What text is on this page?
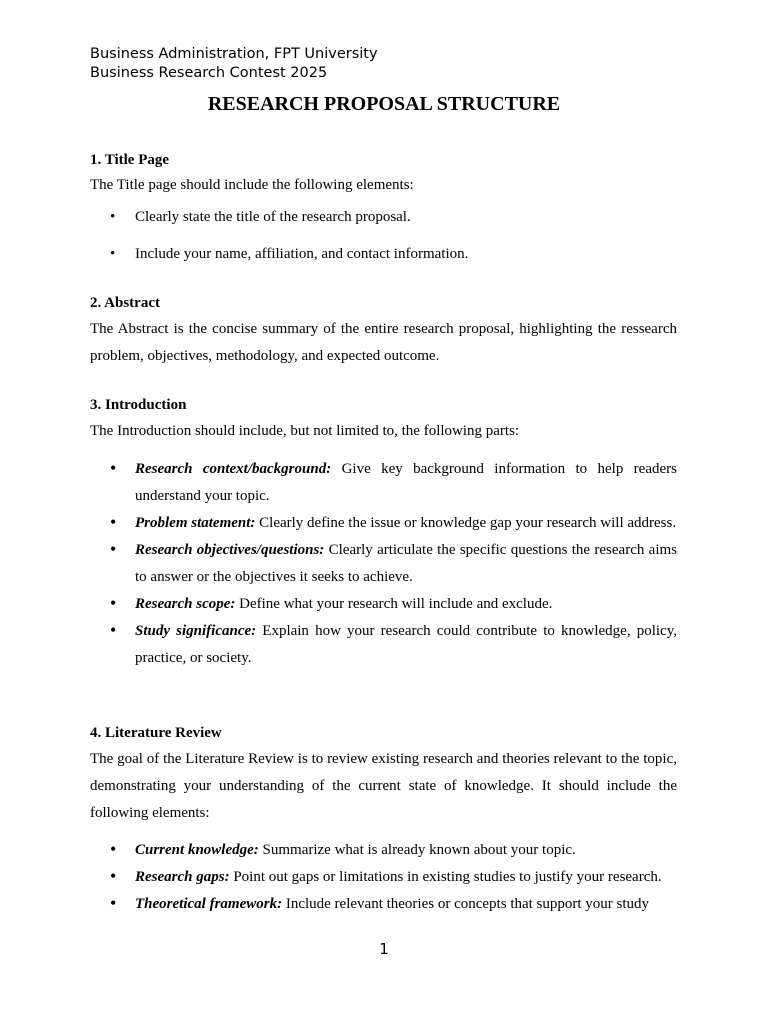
Business Administration, FPT University
Business Research Contest 2025
RESEARCH PROPOSAL STRUCTURE
1. Title Page
The Title page should include the following elements:
• Clearly state the title of the research proposal.
• Include your name, affiliation, and contact information.
2. Abstract
The Abstract is the concise summary of the entire research proposal, highlighting the ressearch problem, objectives, methodology, and expected outcome.
3. Introduction
The Introduction should include, but not limited to, the following parts:
• Research context/background: Give key background information to help readers understand your topic.
• Problem statement: Clearly define the issue or knowledge gap your research will address.
• Research objectives/questions: Clearly articulate the specific questions the research aims to answer or the objectives it seeks to achieve.
• Research scope: Define what your research will include and exclude.
• Study significance: Explain how your research could contribute to knowledge, policy, practice, or society.
4. Literature Review
The goal of the Literature Review is to review existing research and theories relevant to the topic, demonstrating your understanding of the current state of knowledge. It should include the following elements:
• Current knowledge: Summarize what is already known about your topic.
• Research gaps: Point out gaps or limitations in existing studies to justify your research.
• Theoretical framework: Include relevant theories or concepts that support your study
1
